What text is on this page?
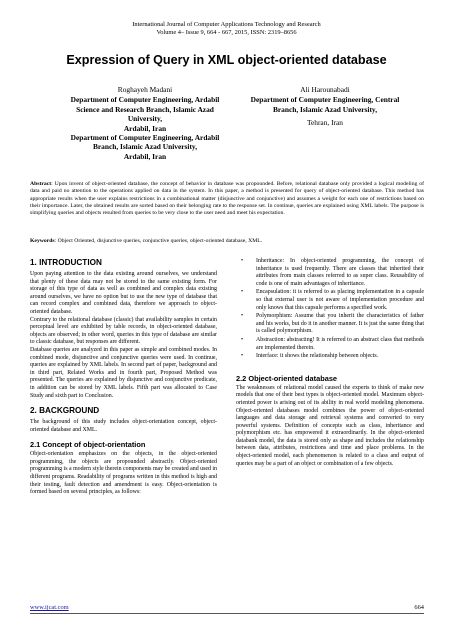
International Journal of Computer Applications Technology and Research
Volume 4– Issue 9, 664 - 667, 2015, ISSN: 2319–8656
Expression of Query in XML object-oriented database
Roghayeh Madani
Department of Computer Engineering, Ardabil
Science and Research Branch, Islamic Azad
University,
Ardabil, Iran
Department of Computer Engineering, Ardabil
Branch, Islamic Azad University,
Ardabil, Iran
Ali Harounabadi
Department of Computer Engineering, Central
Branch, Islamic Azad University,
Tehran, Iran
Abstract: Upon invent of object-oriented database, the concept of behavior in database was propounded. Before, relational database only provided a logical modeling of data and paid no attention to the operations applied on data in the system. In this paper, a method is presented for query of object-oriented database. This method has appropriate results when the user explains restrictions in a combinational matter (disjunctive and conjunctive) and assumes a weight for each one of restrictions based on their importance. Later, the obtained results are sorted based on their belonging rate to the response set. In continue, queries are explained using XML labels. The purpose is simplifying queries and objects resulted from queries to be very close to the user need and meet his expectation.
Keywords: Object Oriented, disjunctive queries, conjunctive queries, object-oriented database, XML.
1. INTRODUCTION

Upon paying attention to the data existing around ourselves, we understand that plenty of these data may not be stored to the same existing form. For storage of this type of data as well as combined and complex data existing around ourselves, we have no option but to use the new type of database that can record complex and combined data, therefore we approach to object-oriented database.

Contrary to the relational database (classic) that availability samples in certain perceptual level are exhibited by table records, in object-oriented database, objects are observed; in other word, queries in this type of database are similar to classic database, but responses are different.

Database queries are analyzed in this paper as simple and combined modes. In combined mode, disjunctive and conjunctive queries were used. In continue, queries are explained by XML labels. In second part of paper, background and in third part, Related Works and in fourth part, Proposed Method was presented. The queries are explained by disjunctive and conjunctive predicate, in addition can be stored by XML labels. Fifth part was allocated to Case Study and sixth part to Conclusion.

2. BACKGROUND

The background of this study includes object-orientation concept, object-oriented database and XML.

2.1 Concept of object-orientation

Object-orientation emphasizes on the objects, in the object-oriented programming, the objects are propounded abstractly. Object-oriented programming is a modern style therein components may be created and used in different programs. Readability of programs written in this method is high and their testing, fault detection and amendment is easy. Object-orientation is formed based on several principles, as follows:

• Inheritance: In object-oriented programming, the concept of inheritance is used frequently. There are classes that inherited their attributes from main classes referred to as super class. Reusability of code is one of main advantages of inheritance.
• Encapsulation: it is referred to as placing implementation in a capsule so that external user is not aware of implementation procedure and only knows that this capsule performs a specified work.
• Polymorphism: Assume that you inherit the characteristics of father and his works, but do it in another manner. It is just the same thing that is called polymorphism.
• Abstraction: abstracting! It is referred to an abstract class that methods are implemented therein.
• Interface: it shows the relationship between objects.
2.2 Object-oriented database

The weaknesses of relational model caused the experts to think of make new models that one of their best types is object-oriented model. Maximum object-oriented power is arising out of its ability in real world modeling phenomena. Object-oriented databases model combines the power of object-oriented languages and data storage and retrieval systems and converted to very powerful systems. Definition of concepts such as class, inheritance and polymorphism etc. has empowered it extraordinarily. In the object-oriented databank model, the data is stored only as shape and includes the relationship between data, attributes, restrictions and time and place problems. In the object-oriented model, each phenomenon is related to a class and output of queries may be a part of an object or combination of a few objects.

www.ijcat.com	664
